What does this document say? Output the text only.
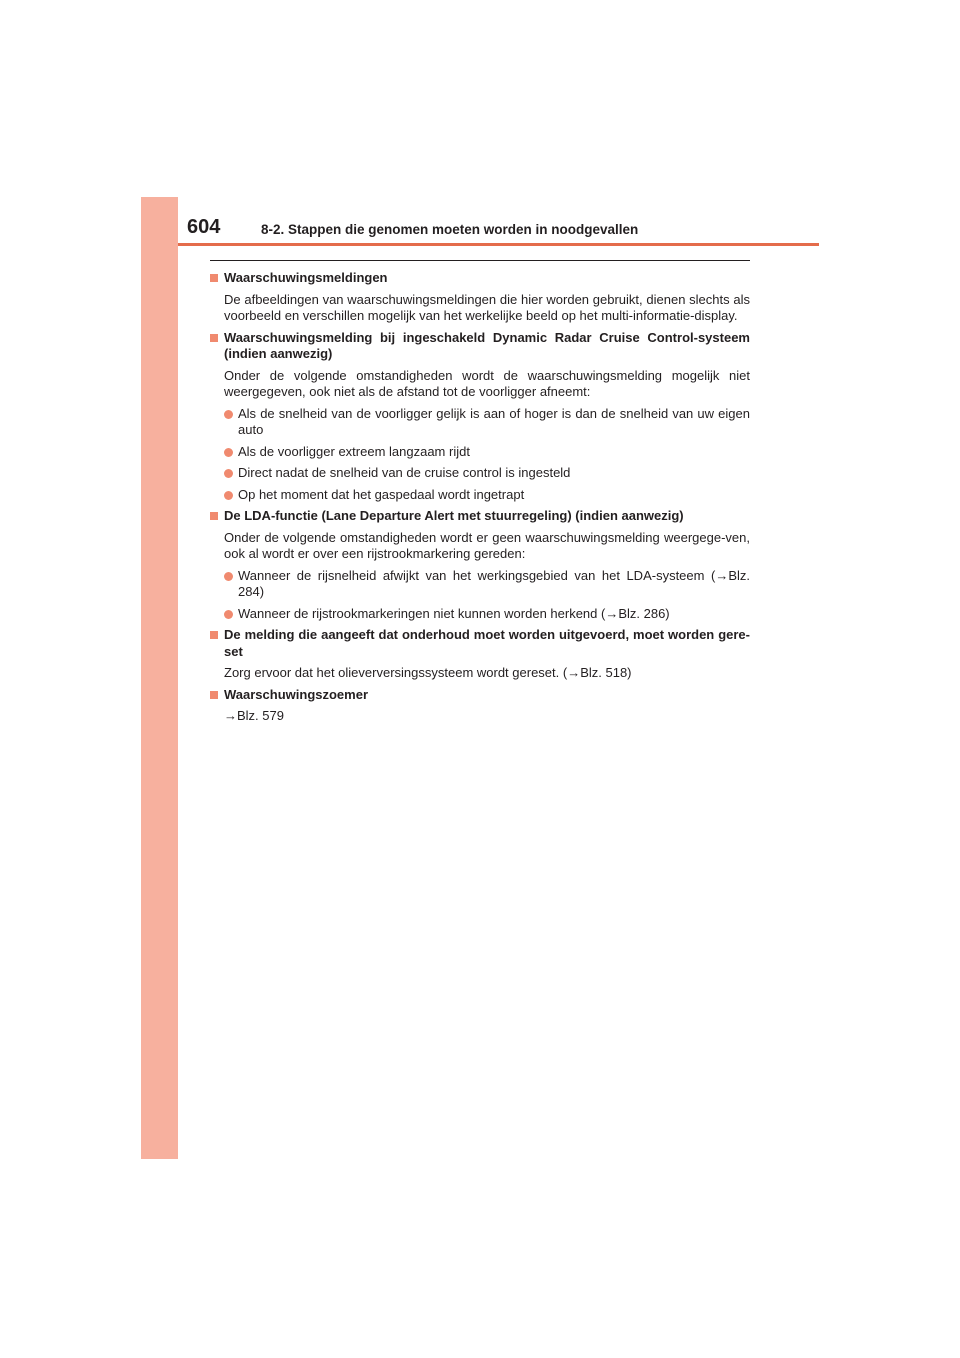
604	8-2. Stappen die genomen moeten worden in noodgevallen
Waarschuwingsmeldingen
De afbeeldingen van waarschuwingsmeldingen die hier worden gebruikt, dienen slechts als voorbeeld en verschillen mogelijk van het werkelijke beeld op het multi-informatie-display.
Waarschuwingsmelding bij ingeschakeld Dynamic Radar Cruise Control-systeem (indien aanwezig)
Onder de volgende omstandigheden wordt de waarschuwingsmelding mogelijk niet weergegeven, ook niet als de afstand tot de voorligger afneemt:
Als de snelheid van de voorligger gelijk is aan of hoger is dan de snelheid van uw eigen auto
Als de voorligger extreem langzaam rijdt
Direct nadat de snelheid van de cruise control is ingesteld
Op het moment dat het gaspedaal wordt ingetrapt
De LDA-functie (Lane Departure Alert met stuurregeling) (indien aanwezig)
Onder de volgende omstandigheden wordt er geen waarschuwingsmelding weergege-ven, ook al wordt er over een rijstrookmarkering gereden:
Wanneer de rijsnelheid afwijkt van het werkingsgebied van het LDA-systeem (→Blz. 284)
Wanneer de rijstrookmarkeringen niet kunnen worden herkend (→Blz. 286)
De melding die aangeeft dat onderhoud moet worden uitgevoerd, moet worden gere-set
Zorg ervoor dat het olieverversingssysteem wordt gereset. (→Blz. 518)
Waarschuwingszoemer
→Blz. 579
